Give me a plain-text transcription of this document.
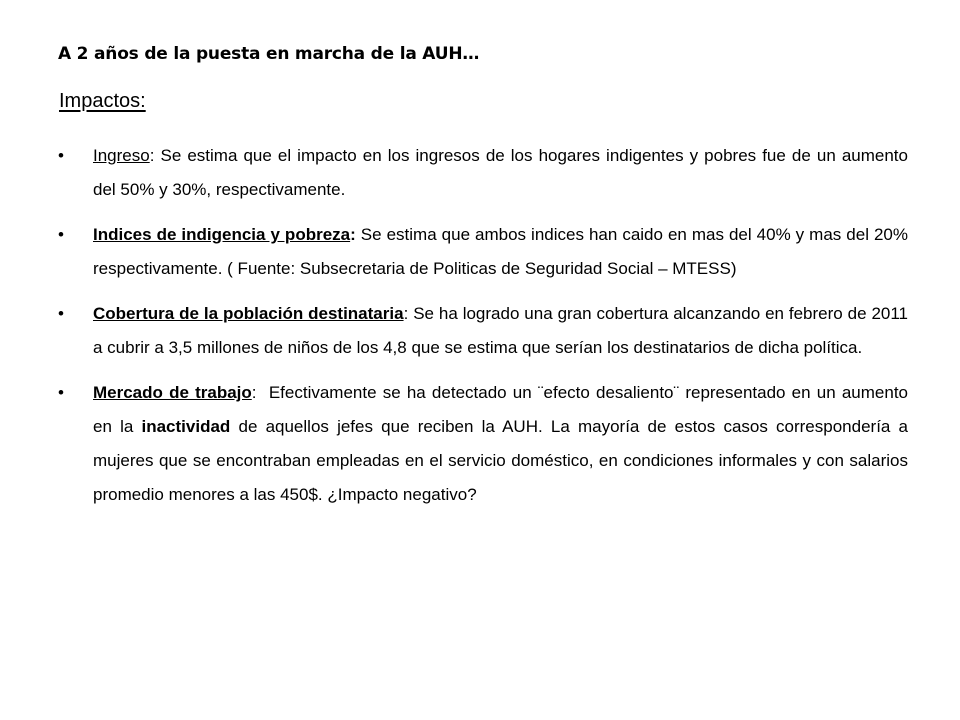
A 2 años de la puesta en marcha de la AUH…
Impactos:
• Ingreso: Se estima que el impacto en los ingresos de los hogares indigentes y pobres fue de un aumento del 50% y 30%, respectivamente.
• Indices de indigencia y pobreza: Se estima que ambos indices han caido en mas del 40% y mas del 20% respectivamente. ( Fuente: Subsecretaria de Politicas de Seguridad Social – MTESS)
• Cobertura de la población destinataria: Se ha logrado una gran cobertura alcanzando en febrero de 2011 a cubrir a 3,5 millones de niños de los 4,8 que se estima que serían los destinatarios de dicha política.
• Mercado de trabajo:  Efectivamente se ha detectado un ¨efecto desaliento¨ representado en un aumento en la inactividad de aquellos jefes que reciben la AUH. La mayoría de estos casos correspondería a mujeres que se encontraban empleadas en el servicio doméstico, en condiciones informales y con salarios promedio menores a las 450$. ¿Impacto negativo?
